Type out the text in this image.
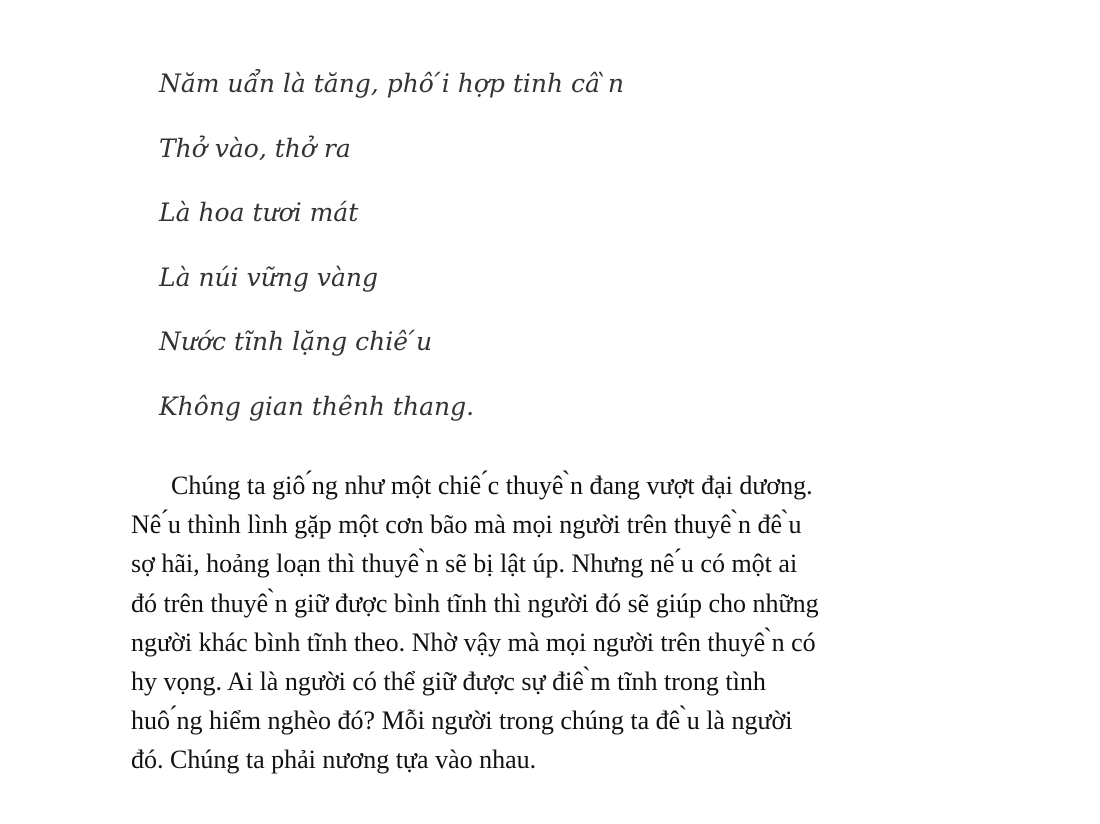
Năm uẩn là tăng, phô ́i hợp tinh câ ̀n
Thở vào, thở ra
Là hoa tươi mát
Là núi vững vàng
Nước tĩnh lặng chiê ́u
Không gian thênh thang.
Chúng ta giô ́ng như một chiê ́c thuyê ̀n đang vượt đại dương.
Nê ́u thình lình gặp một cơn bão mà mọi người trên thuyê ̀n đê ̀u
sợ hãi, hoảng loạn thì thuyê ̀n sẽ bị lật úp. Nhưng nê ́u có một ai
đó trên thuyê ̀n giữ được bình tĩnh thì người đó sẽ giúp cho những
người khác bình tĩnh theo. Nhờ vậy mà mọi người trên thuyê ̀n có
hy vọng. Ai là người có thể giữ được sự điê ̀m tĩnh trong tình
huô ́ng hiểm nghèo đó? Mỗi người trong chúng ta đê ̀u là người
đó. Chúng ta phải nương tựa vào nhau.
